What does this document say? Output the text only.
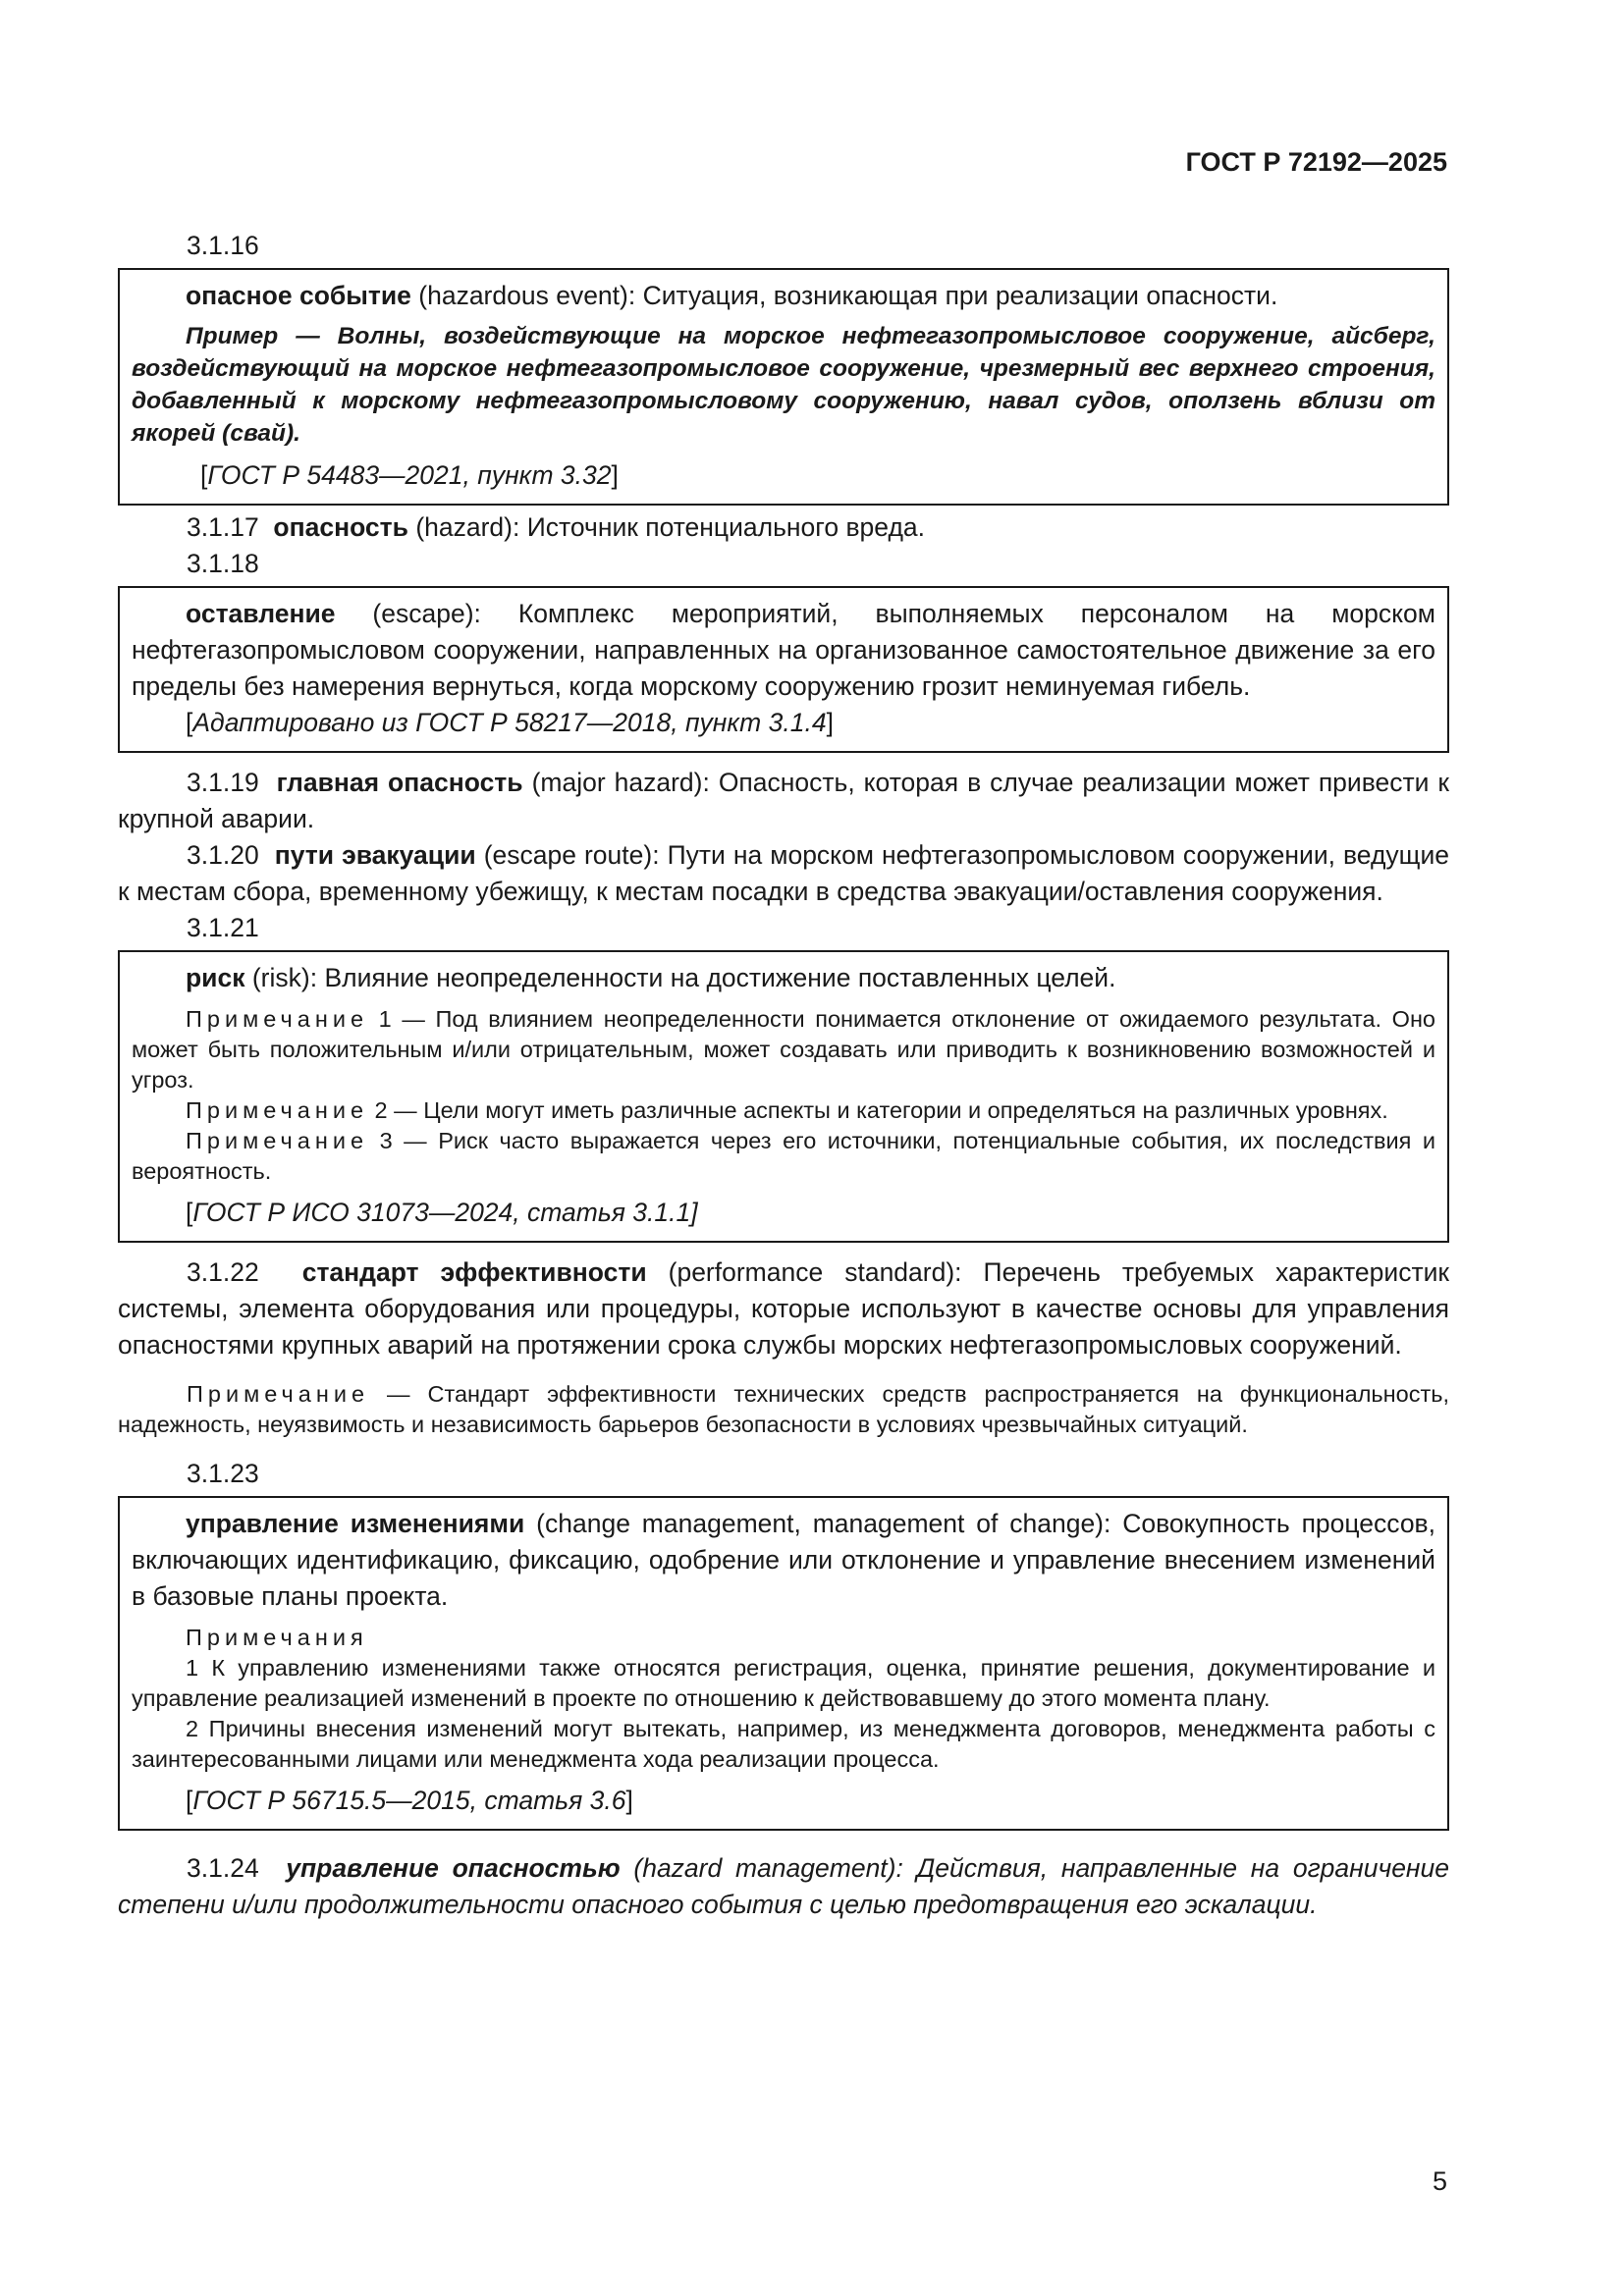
ГОСТ Р 72192—2025

3.1.16

опасное событие (hazardous event): Ситуация, возникающая при реализации опасности.

Пример — Волны, воздействующие на морское нефтегазопромысловое сооружение, айсберг, воздействующий на морское нефтегазопромысловое сооружение, чрезмерный вес верхнего строения, добавленный к морскому нефтегазопромысловому сооружению, навал судов, оползень вблизи от якорей (свай).

[ГОСТ Р 54483—2021, пункт 3.32]

3.1.17 опасность (hazard): Источник потенциального вреда.

3.1.18

оставление (escape): Комплекс мероприятий, выполняемых персоналом на морском нефтегазопромысловом сооружении, направленных на организованное самостоятельное движение за его пределы без намерения вернуться, когда морскому сооружению грозит неминуемая гибель.

[Адаптировано из ГОСТ Р 58217—2018, пункт 3.1.4]

3.1.19 главная опасность (major hazard): Опасность, которая в случае реализации может привести к крупной аварии.

3.1.20 пути эвакуации (escape route): Пути на морском нефтегазопромысловом сооружении, ведущие к местам сбора, временному убежищу, к местам посадки в средства эвакуации/оставления сооружения.

3.1.21

риск (risk): Влияние неопределенности на достижение поставленных целей.

Примечание 1 — Под влиянием неопределенности понимается отклонение от ожидаемого результата. Оно может быть положительным и/или отрицательным, может создавать или приводить к возникновению возможностей и угроз.

Примечание 2 — Цели могут иметь различные аспекты и категории и определяться на различных уровнях.

Примечание 3 — Риск часто выражается через его источники, потенциальные события, их последствия и вероятность.

[ГОСТ Р ИСО 31073—2024, статья 3.1.1]

3.1.22 стандарт эффективности (performance standard): Перечень требуемых характеристик системы, элемента оборудования или процедуры, которые используют в качестве основы для управления опасностями крупных аварий на протяжении срока службы морских нефтегазопромысловых сооружений.

Примечание — Стандарт эффективности технических средств распространяется на функциональность, надежность, неуязвимость и независимость барьеров безопасности в условиях чрезвычайных ситуаций.

3.1.23

управление изменениями (change management, management of change): Совокупность процессов, включающих идентификацию, фиксацию, одобрение или отклонение и управление внесением изменений в базовые планы проекта.

Примечания

1 К управлению изменениями также относятся регистрация, оценка, принятие решения, документирование и управление реализацией изменений в проекте по отношению к действовавшему до этого момента плану.

2 Причины внесения изменений могут вытекать, например, из менеджмента договоров, менеджмента работы с заинтересованными лицами или менеджмента хода реализации процесса.

[ГОСТ Р 56715.5—2015, статья 3.6]

3.1.24 управление опасностью (hazard management): Действия, направленные на ограничение степени и/или продолжительности опасного события с целью предотвращения его эскалации.

5
